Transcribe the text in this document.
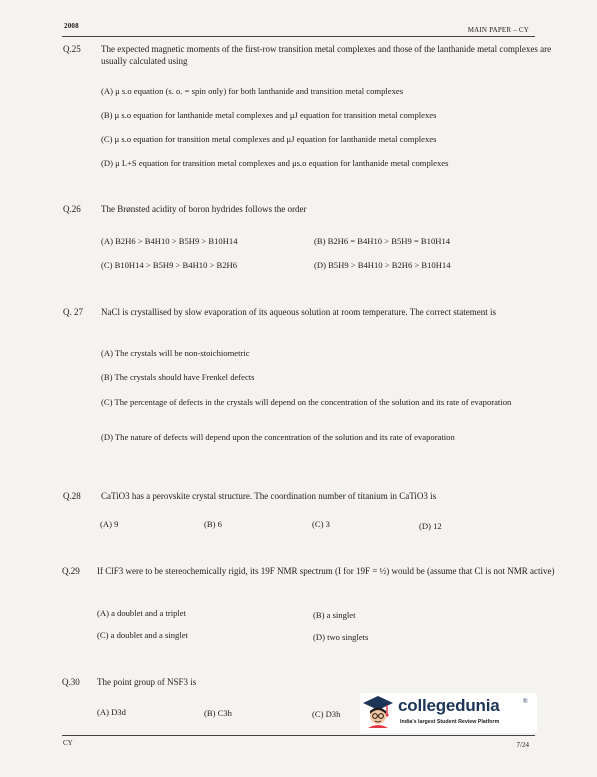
2008	MAIN PAPER – CY
Q.25	The expected magnetic moments of the first-row transition metal complexes and those of the lanthanide metal complexes are usually calculated using
(A) μ s.o equation (s. o. = spin only) for both lanthanide and transition metal complexes
(B) μ s.o equation for lanthanide metal complexes and μJ equation for transition metal complexes
(C) μ s.o equation for transition metal complexes and μJ equation for lanthanide metal complexes
(D) μ L+S equation for transition metal complexes and μs.o equation for lanthanide metal complexes
Q.26	The Brønsted acidity of boron hydrides follows the order
(A) B2H6 > B4H10 > B5H9 > B10H14	(B) B2H6 = B4H10 > B5H9 = B10H14
(C) B10H14 > B5H9 > B4H10 > B2H6	(D) B5H9 > B4H10 > B2H6 > B10H14
Q. 27	NaCl is crystallised by slow evaporation of its aqueous solution at room temperature. The correct statement is
(A) The crystals will be non-stoichiometric
(B) The crystals should have Frenkel defects
(C) The percentage of defects in the crystals will depend on the concentration of the solution and its rate of evaporation
(D) The nature of defects will depend upon the concentration of the solution and its rate of evaporation
Q.28	CaTiO3 has a perovskite crystal structure. The coordination number of titanium in CaTiO3 is
(A) 9	(B) 6	(C) 3	(D) 12
Q.29	If ClF3 were to be stereochemically rigid, its 19F NMR spectrum (I for 19F = ½) would be (assume that Cl is not NMR active)
(A) a doublet and a triplet	(B) a singlet
(C) a doublet and a singlet	(D) two singlets
Q.30	The point group of NSF3 is
(A) D3d	(B) C3h	(C) D3h	collegedunia	®
India's largest Student Review Platform
CY	7/24
